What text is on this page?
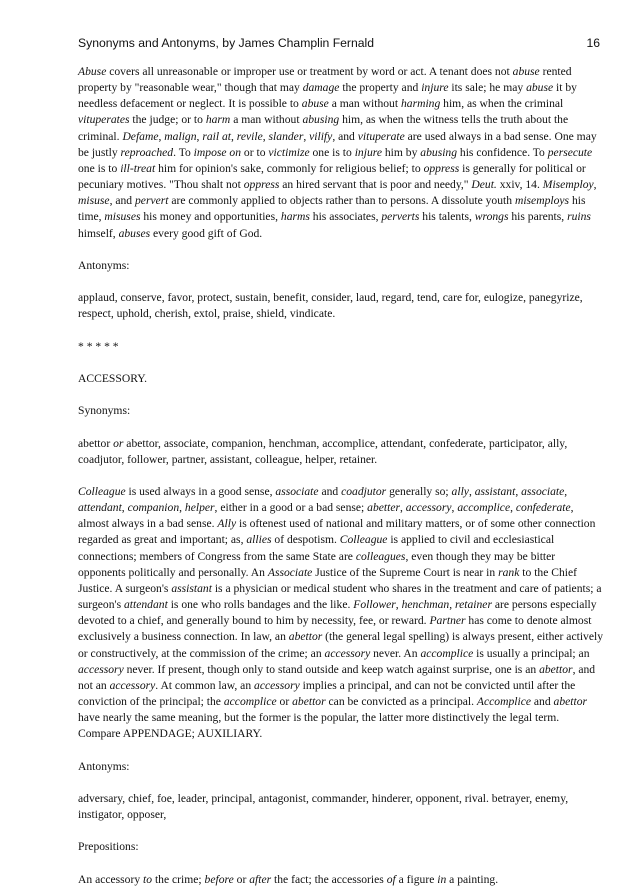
Synonyms and Antonyms, by James Champlin Fernald	16

Abuse covers all unreasonable or improper use or treatment by word or act. A tenant does not abuse rented property by "reasonable wear," though that may damage the property and injure its sale; he may abuse it by needless defacement or neglect. It is possible to abuse a man without harming him, as when the criminal vituperates the judge; or to harm a man without abusing him, as when the witness tells the truth about the criminal. Defame, malign, rail at, revile, slander, vilify, and vituperate are used always in a bad sense. One may be justly reproached. To impose on or to victimize one is to injure him by abusing his confidence. To persecute one is to ill-treat him for opinion's sake, commonly for religious belief; to oppress is generally for political or pecuniary motives. "Thou shalt not oppress an hired servant that is poor and needy," Deut. xxiv, 14. Misemploy, misuse, and pervert are commonly applied to objects rather than to persons. A dissolute youth misemploys his time, misuses his money and opportunities, harms his associates, perverts his talents, wrongs his parents, ruins himself, abuses every good gift of God.

Antonyms:

applaud, conserve, favor, protect, sustain, benefit, consider, laud, regard, tend, care for, eulogize, panegyrize, respect, uphold, cherish, extol, praise, shield, vindicate.

* * * * *

ACCESSORY.

Synonyms:

abettor or abettor, associate, companion, henchman, accomplice, attendant, confederate, participator, ally, coadjutor, follower, partner, assistant, colleague, helper, retainer.

Colleague is used always in a good sense, associate and coadjutor generally so; ally, assistant, associate, attendant, companion, helper, either in a good or a bad sense; abetter, accessory, accomplice, confederate, almost always in a bad sense. Ally is oftenest used of national and military matters, or of some other connection regarded as great and important; as, allies of despotism. Colleague is applied to civil and ecclesiastical connections; members of Congress from the same State are colleagues, even though they may be bitter opponents politically and personally. An Associate Justice of the Supreme Court is near in rank to the Chief Justice. A surgeon's assistant is a physician or medical student who shares in the treatment and care of patients; a surgeon's attendant is one who rolls bandages and the like. Follower, henchman, retainer are persons especially devoted to a chief, and generally bound to him by necessity, fee, or reward. Partner has come to denote almost exclusively a business connection. In law, an abettor (the general legal spelling) is always present, either actively or constructively, at the commission of the crime; an accessory never. An accomplice is usually a principal; an accessory never. If present, though only to stand outside and keep watch against surprise, one is an abettor, and not an accessory. At common law, an accessory implies a principal, and can not be convicted until after the conviction of the principal; the accomplice or abettor can be convicted as a principal. Accomplice and abettor have nearly the same meaning, but the former is the popular, the latter more distinctively the legal term. Compare APPENDAGE; AUXILIARY.

Antonyms:

adversary, chief, foe, leader, principal, antagonist, commander, hinderer, opponent, rival. betrayer, enemy, instigator, opposer,

Prepositions:

An accessory to the crime; before or after the fact; the accessories of a figure in a painting.
